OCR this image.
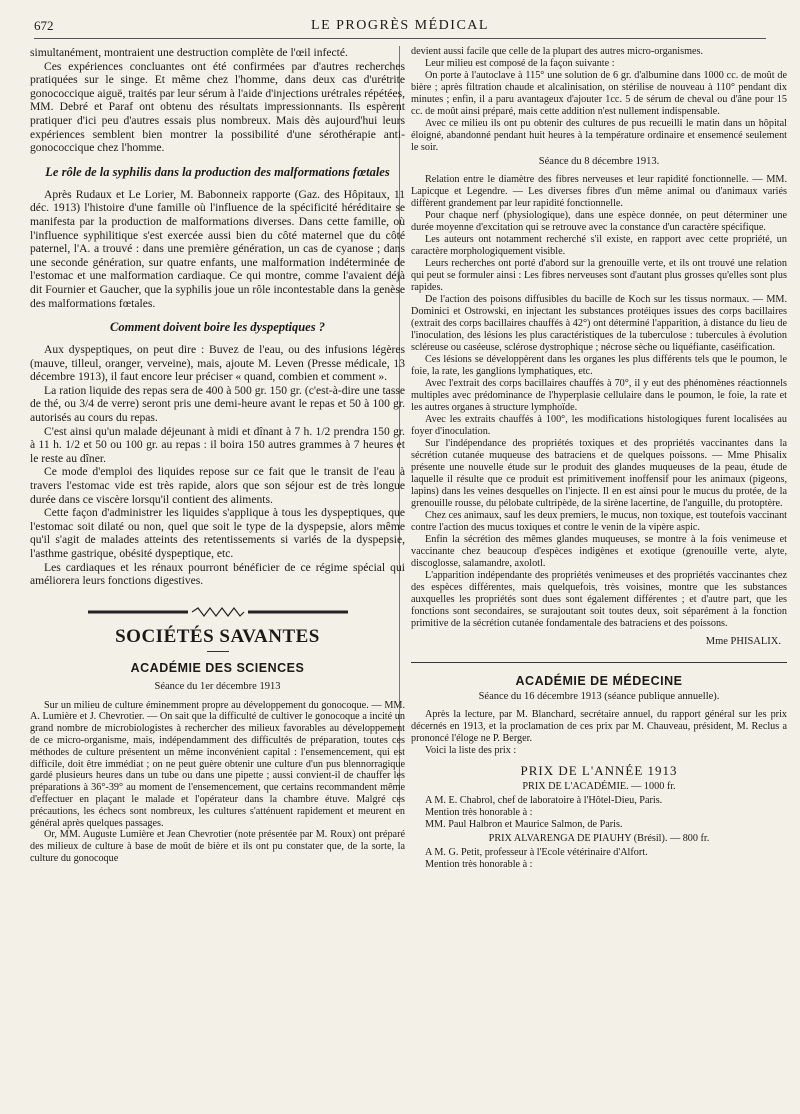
672	LE PROGRÈS MÉDICAL

simultanément, montraient une destruction complète de l'œil infecté.

Ces expériences concluantes ont été confirmées par d'autres recherches pratiquées sur le singe. Et même chez l'homme, dans deux cas d'urétrite gonococcique aiguë, traités par leur sérum à l'aide d'injections urétrales répétées, MM. Debré et Paraf ont obtenu des résultats impressionnants. Ils espèrent pratiquer d'ici peu d'autres essais plus nombreux. Mais dès aujourd'hui leurs expériences semblent bien montrer la possibilité d'une sérothérapie anti-gonococcique chez l'homme.

Le rôle de la syphilis dans la production des malformations fœtales

Après Rudaux et Le Lorier, M. Babonneix rapporte (Gaz. des Hôpitaux, 11 déc. 1913) l'histoire d'une famille où l'influence de la spécificité héréditaire se manifesta par la production de malformations diverses. Dans cette famille, où l'influence syphilitique s'est exercée aussi bien du côté maternel que du côté paternel, l'A. a trouvé : dans une première génération, un cas de cyanose ; dans une seconde génération, sur quatre enfants, une malformation indéterminée de l'estomac et une malformation cardiaque. Ce qui montre, comme l'avaient déjà dit Fournier et Gaucher, que la syphilis joue un rôle incontestable dans la genèse des malformations fœtales.

Comment doivent boire les dyspeptiques ?

Aux dyspeptiques, on peut dire : Buvez de l'eau, ou des infusions légères (mauve, tilleul, oranger, verveine), mais, ajoute M. Leven (Presse médicale, 13 décembre 1913), il faut encore leur préciser « quand, combien et comment ».

La ration liquide des repas sera de 400 à 500 gr. 150 gr. (c'est-à-dire une tasse de thé, ou 3/4 de verre) seront pris une demi-heure avant le repas et 50 à 100 gr. autorisés au cours du repas.

C'est ainsi qu'un malade déjeunant à midi et dînant à 7 h. 1/2 prendra 150 gr. à 11 h. 1/2 et 50 ou 100 gr. au repas : il boira 150 autres grammes à 7 heures et le reste au dîner.

Ce mode d'emploi des liquides repose sur ce fait que le transit de l'eau à travers l'estomac vide est très rapide, alors que son séjour est de très longue durée dans ce viscère lorsqu'il contient des aliments.

Cette façon d'administrer les liquides s'applique à tous les dyspeptiques, que l'estomac soit dilaté ou non, quel que soit le type de la dyspepsie, alors même qu'il s'agit de malades atteints des retentissements si variés de la dyspepsie, l'asthme gastrique, obésité dyspeptique, etc.

Les cardiaques et les rénaux pourront bénéficier de ce régime spécial qui améliorera leurs fonctions digestives.

SOCIÉTÉS SAVANTES
ACADÉMIE DES SCIENCES
Séance du 1er décembre 1913

Sur un milieu de culture éminemment propre au développement du gonocoque. — MM. A. Lumière et J. Chevrotier. — On sait que la difficulté de cultiver le gonocoque a incité un grand nombre de microbiologistes à rechercher des milieux favorables au développement de ce micro-organisme, mais, indépendamment des difficultés de préparation, toutes ces méthodes de culture présentent un même inconvénient capital : l'ensemencement, qui est difficile, doit être immédiat ; on ne peut guère obtenir une culture d'un pus blennorragique gardé plusieurs heures dans un tube ou dans une pipette ; aussi convient-il de chauffer les préparations à 36°-39° au moment de l'ensemencement, que certains recommandent même d'effectuer en plaçant le malade et l'opérateur dans la chambre étuve. Malgré ces précautions, les échecs sont nombreux, les cultures s'atténuent rapidement et meurent en général après quelques passages.

Or, MM. Auguste Lumière et Jean Chevrotier (note présentée par M. Roux) ont préparé des milieux de culture à base de moût de bière et ils ont pu constater que, de la sorte, la culture du gonocoque

devient aussi facile que celle de la plupart des autres micro-organismes.

Leur milieu est composé de la façon suivante :

On porte à l'autoclave à 115° une solution de 6 gr. d'albumine dans 1000 cc. de moût de bière ; après filtration chaude et alcalinisation, on stérilise de nouveau à 110° pendant dix minutes ; enfin, il a paru avantageux d'ajouter 1cc. 5 de sérum de cheval ou d'âne pour 15 cc. de moût ainsi préparé, mais cette addition n'est nullement indispensable.

Avec ce milieu ils ont pu obtenir des cultures de pus recueilli le matin dans un hôpital éloigné, abandonné pendant huit heures à la température ordinaire et ensemencé seulement le soir.

Séance du 8 décembre 1913.

Relation entre le diamètre des fibres nerveuses et leur rapidité fonctionnelle. — MM. Lapicque et Legendre. — Les diverses fibres d'un même animal ou d'animaux variés diffèrent grandement par leur rapidité fonctionnelle.

Pour chaque nerf (physiologique), dans une espèce donnée, on peut déterminer une durée moyenne d'excitation qui se retrouve avec la constance d'un caractère spécifique.

Les auteurs ont notamment recherché s'il existe, en rapport avec cette propriété, un caractère morphologiquement visible.

Leurs recherches ont porté d'abord sur la grenouille verte, et ils ont trouvé une relation qui peut se formuler ainsi : Les fibres nerveuses sont d'autant plus grosses qu'elles sont plus rapides.

De l'action des poisons diffusibles du bacille de Koch sur les tissus normaux. — MM. Dominici et Ostrowski, en injectant les substances protéiques issues des corps bacillaires (extrait des corps bacillaires chauffés à 42°) ont déterminé l'apparition, à distance du lieu de l'inoculation, des lésions les plus caractéristiques de la tuberculose : tubercules à évolution scléreuse ou caséeuse, sclérose dystrophique ; nécrose sèche ou liquéfiante, caséification.

Ces lésions se développèrent dans les organes les plus différents tels que le poumon, le foie, la rate, les ganglions lymphatiques, etc.

Avec l'extrait des corps bacillaires chauffés à 70°, il y eut des phénomènes réactionnels multiples avec prédominance de l'hyperplasie cellulaire dans le poumon, le foie, la rate et les autres organes à structure lymphoïde.

Avec les extraits chauffés à 100°, les modifications histologiques furent localisées au foyer d'inoculation.

Sur l'indépendance des propriétés toxiques et des propriétés vaccinantes dans la sécrétion cutanée muqueuse des batraciens et de quelques poissons. — Mme Phisalix présente une nouvelle étude sur le produit des glandes muqueuses de la peau, étude de laquelle il résulte que ce produit est primitivement inoffensif pour les animaux (pigeons, lapins) dans les veines desquelles on l'injecte. Il en est ainsi pour le mucus du protée, de la grenouille rousse, du pélobate cultripède, de la sirène lacertine, de l'anguille, du protoptère.

Chez ces animaux, sauf les deux premiers, le mucus, non toxique, est toutefois vaccinant contre l'action des mucus toxiques et contre le venin de la vipère aspic.

Enfin la sécrétion des mêmes glandes muqueuses, se montre à la fois venimeuse et vaccinante chez beaucoup d'espèces indigènes et exotique (grenouille verte, alyte, discoglosse, salamandre, axolotl.

L'apparition indépendante des propriétés venimeuses et des propriétés vaccinantes chez des espèces différentes, mais quelquefois, très voisines, montre que les substances auxquelles les propriétés sont dues sont également différentes ; et d'autre part, que les fonctions sont secondaires, se surajoutant soit toutes deux, soit séparément à la fonction primitive de la sécrétion cutanée fondamentale des batraciens et des poissons.

Mme PHISALIX.
ACADÉMIE DE MÉDECINE
Séance du 16 décembre 1913 (séance publique annuelle).

Après la lecture, par M. Blanchard, secrétaire annuel, du rapport général sur les prix décernés en 1913, et la proclamation de ces prix par M. Chauveau, président, M. Reclus a prononcé l'éloge ne P. Berger.

Voici la liste des prix :

PRIX DE L'ANNÉE 1913
PRIX DE L'ACADÉMIE. — 1000 fr.

A M. E. Chabrol, chef de laboratoire à l'Hôtel-Dieu, Paris.

Mention très honorable à :

MM. Paul Halbron et Maurice Salmon, de Paris.

PRIX ALVARENGA DE PIAUHY (Brésil). — 800 fr.

A M. G. Petit, professeur à l'Ecole vétérinaire d'Alfort.

Mention très honorable à :
